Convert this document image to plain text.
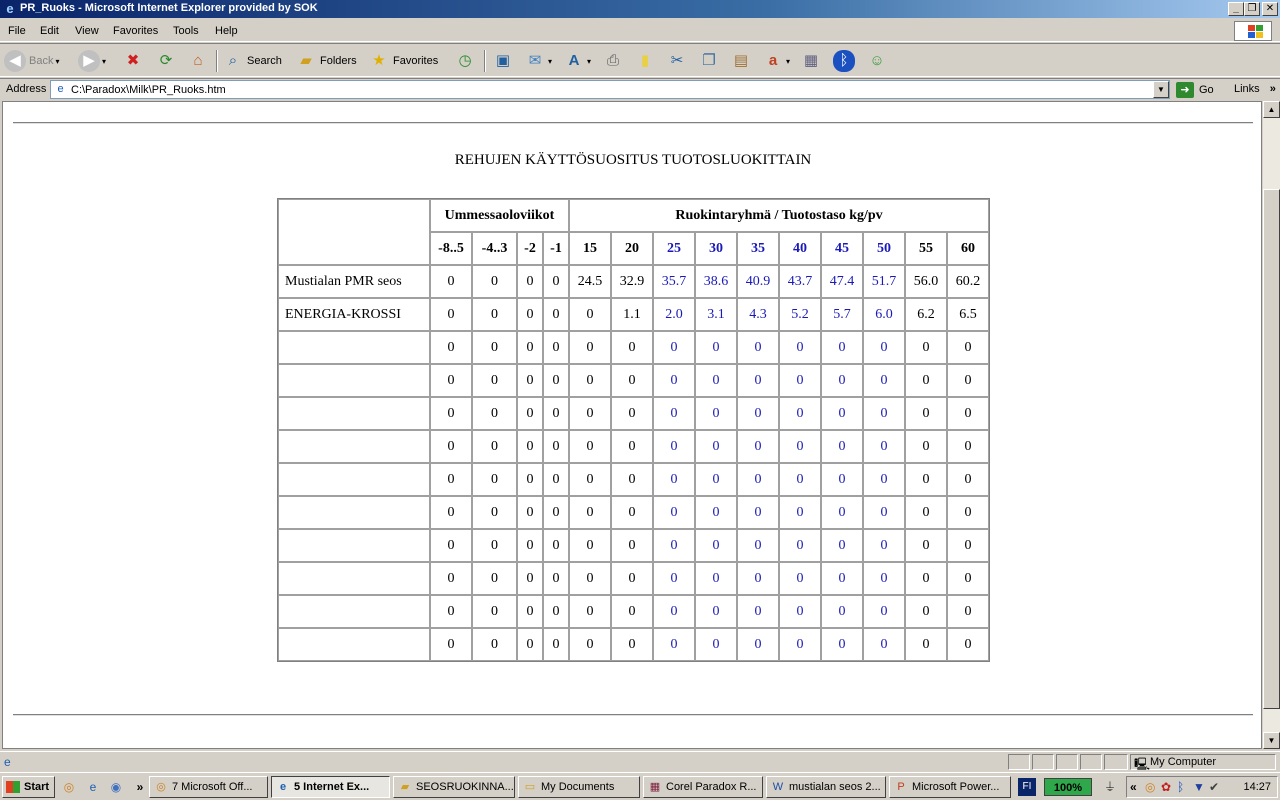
e PR_Ruoks - Microsoft Internet Explorer provided by SOK	_ ❐ ✕
File Edit View Favorites Tools Help
◀ Back ▾	▶ ▾	✖	⟳	⌂	⌕ Search	▰ Folders ★ Favorites ◷ ▣	✉ ▾	A ▾	⎙	▮	✂	❐ ▤	a	▾ ▦	ᛒ	☺
Address	e C:\Paradox\Milk\PR_Ruoks.htm	▼	➜ Go	Links »
REHUJEN KÄYTTÖSUOSITUS TUOTOSLUOKITTAIN
	Ummessaoloviikot				Ruokintaryhmä / Tuotostaso kg/pv									
	-8..5	-4..3	-2	-1	15	20	25	30	35	40	45	50	55	60
Mustialan PMR seos	0	0	0	0	24.5	32.9	35.7	38.6	40.9	43.7	47.4	51.7	56.0	60.2
ENERGIA-KROSSI	0	0	0	0	0	1.1	2.0	3.1	4.3	5.2	5.7	6.0	6.2	6.5
	0	0	0	0	0	0	0	0	0	0	0	0	0	0
	0	0	0	0	0	0	0	0	0	0	0	0	0	0
	0	0	0	0	0	0	0	0	0	0	0	0	0	0
	0	0	0	0	0	0	0	0	0	0	0	0	0	0
	0	0	0	0	0	0	0	0	0	0	0	0	0	0
	0	0	0	0	0	0	0	0	0	0	0	0	0	0
	0	0	0	0	0	0	0	0	0	0	0	0	0	0
	0	0	0	0	0	0	0	0	0	0	0	0	0	0
	0	0	0	0	0	0	0	0	0	0	0	0	0	0
	0	0	0	0	0	0	0	0	0	0	0	0	0	0
▲
▼
e	🖳 My Computer
Start ◎	e	◉	»	◎ 7 Microsoft Off...	e 5 Internet Ex...	▰ SEOSRUOKINNA... ▭ My Documents	▦ Corel Paradox R... W mustialan seos 2...	P Microsoft Power...	FI	100%	⏚ « ◎ ✿ ᛒ ▼ ✔ 14:27
